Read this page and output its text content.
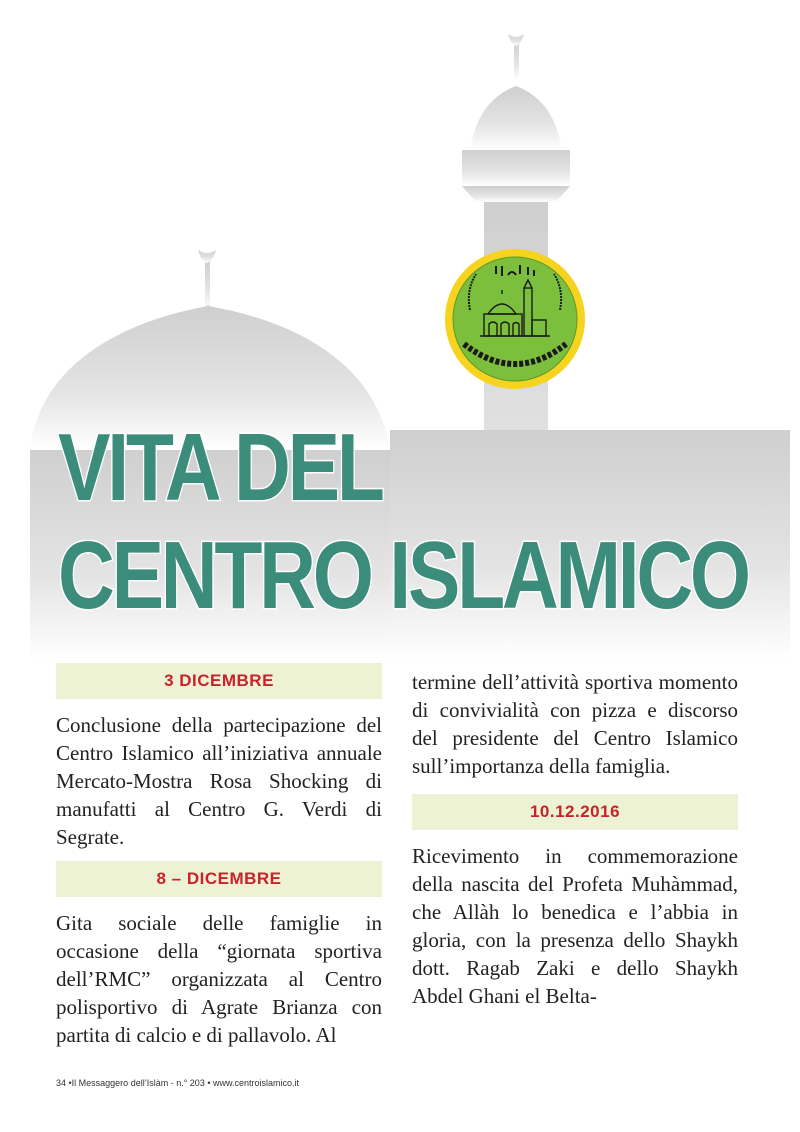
VITA DEL
CENTRO ISLAMICO
3 DICEMBRE

Conclusione della partecipazione del Centro Islamico all’iniziativa annuale Mercato-Mostra Rosa Shocking di manufatti al Centro G. Verdi di Segrate.

8 – DICEMBRE

Gita sociale delle famiglie in occasione della “giornata sportiva dell’RMC” organizzata al Centro polisportivo di Agrate Brianza con partita di calcio e di pallavolo. Al

termine dell’attività sportiva momento di convivialità con pizza e discorso del presidente del Centro Islamico sull’importanza della famiglia.

10.12.2016

Ricevimento in commemorazione della nascita del Profeta Muhàmmad, che Allàh lo benedica e l’abbia in gloria, con la presenza dello Shaykh dott. Ragab Zaki e dello Shaykh Abdel Ghani el Belta-

34 •Il Messaggero dell’Islàm - n.° 203 • www.centroislamico.it
